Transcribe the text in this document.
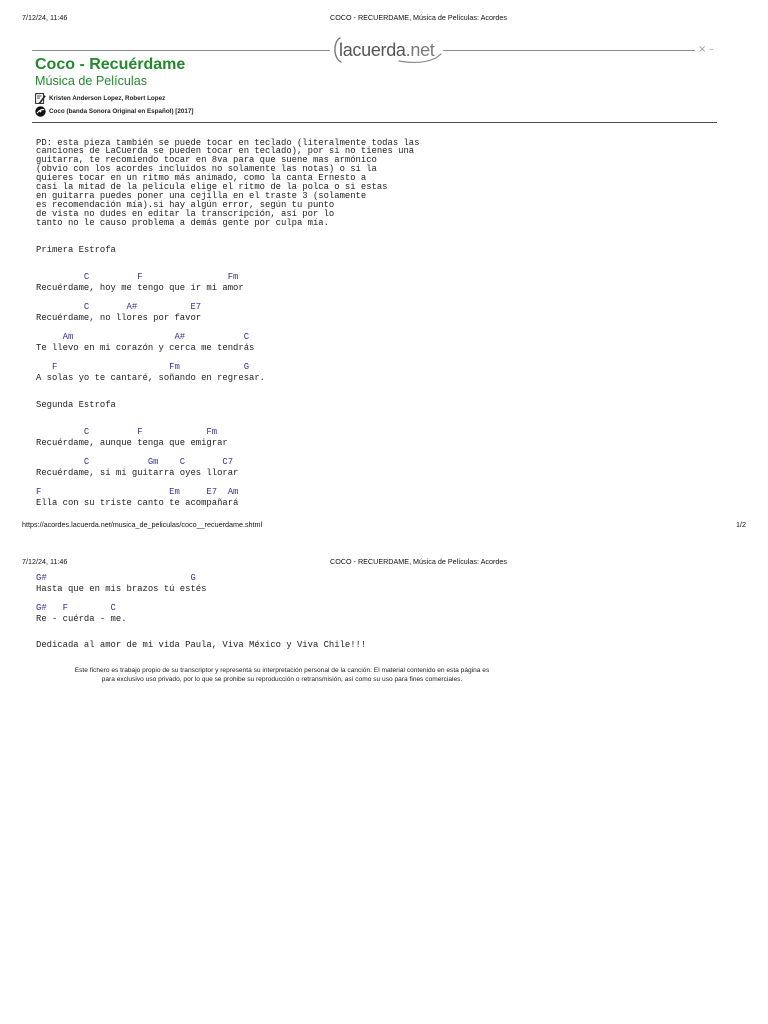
7/12/24, 11:46	COCO - RECUERDAME, Música de Películas: Acordes
lacuerda.net	× –
Coco - Recuérdame
Música de Películas
Kristen Anderson Lopez, Robert Lopez
Coco (banda Sonora Original en Español) [2017]
PD: esta pieza también se puede tocar en teclado (literalmente todas las
canciones de LaCuerda se pueden tocar en teclado), por si no tienes una
guitarra, te recomiendo tocar en 8va para que suene mas armónico
(obvio con los acordes incluidos no solamente las notas) o si la
quieres tocar en un ritmo más animado, como la canta Ernesto a
casi la mitad de la película elige el ritmo de la polca o si estas
en guitarra puedes poner una cejilla en el traste 3 (solamente
es recomendación mía).si hay algún error, según tu punto
de vista no dudes en editar la transcripción, así por lo
tanto no le causo problema a demás gente por culpa mía.
Primera Estrofa
C         F                Fm
Recuérdame, hoy me tengo que ir mi amor
C       A#          E7
Recuérdame, no llores por favor
Am                   A#           C
Te llevo en mi corazón y cerca me tendrás
F                     Fm            G
A solas yo te cantaré, soñando en regresar.
Segunda Estrofa
C         F            Fm
Recuérdame, aunque tenga que emigrar
C           Gm    C       C7
Recuérdame, si mi guitarra oyes llorar
F                        Em     E7  Am
Ella con su triste canto te acompañará
https://acordes.lacuerda.net/musica_de_peliculas/coco__recuerdame.shtml	1/2
7/12/24, 11:46	COCO - RECUERDAME, Música de Películas: Acordes
G#                           G
Hasta que en mis brazos tú estés
G#   F        C
Re - cuérda - me.
Dedicada al amor de mi vida Paula, Viva México y Viva Chile!!!
Este fichero es trabajo propio de su transcriptor y representa su interpretación personal de la canción. El material contenido en esta página es
para exclusivo uso privado, por lo que se prohibe su reproducción o retransmisión, así como su uso para fines comerciales.
